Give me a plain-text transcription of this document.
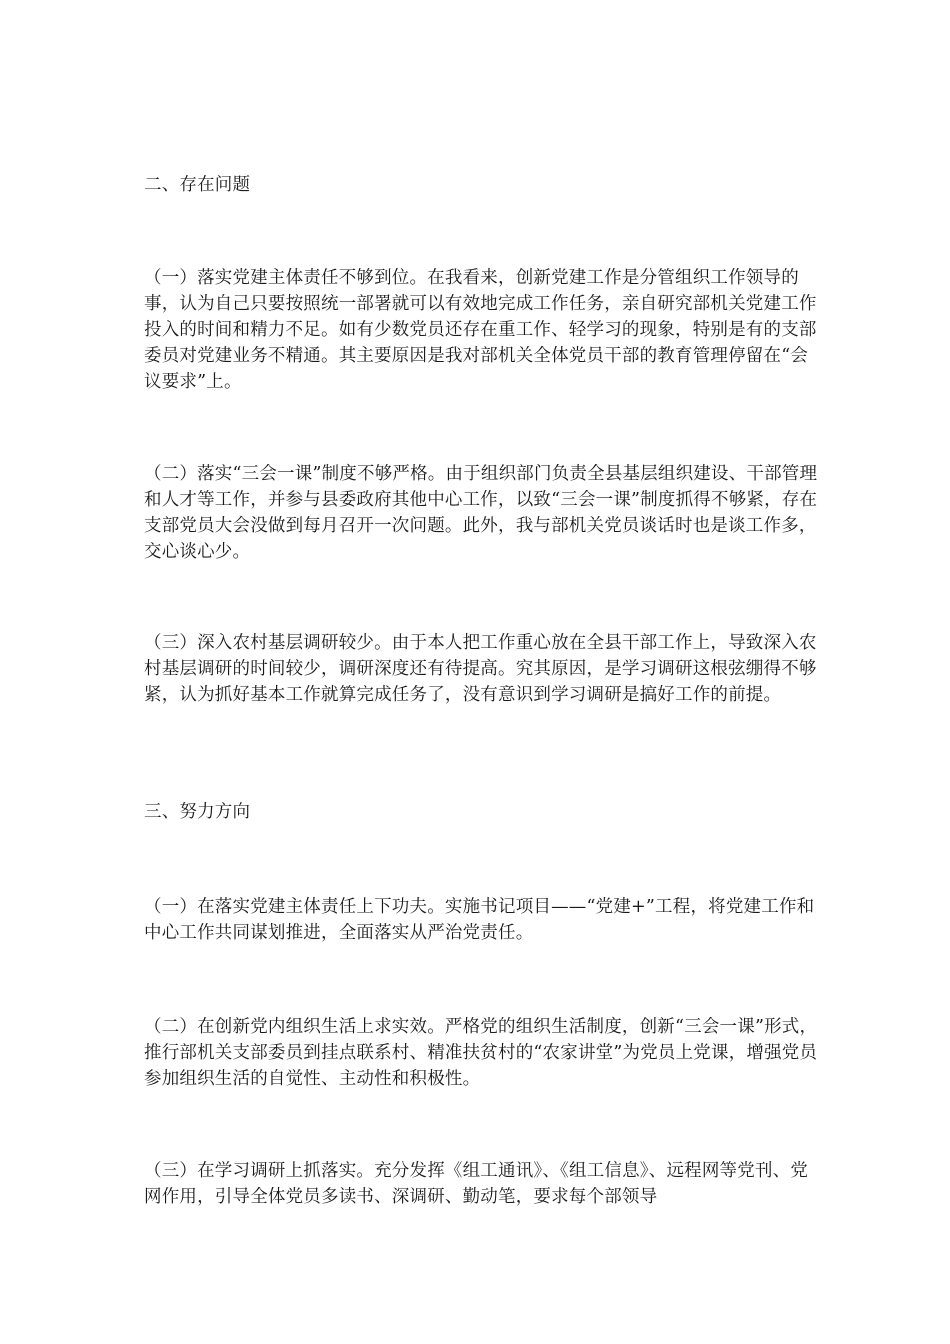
二、存在问题

（一）落实党建主体责任不够到位。在我看来，创新党建工作是分管组织工作领导的事，认为自己只要按照统一部署就可以有效地完成工作任务，亲自研究部机关党建工作投入的时间和精力不足。如有少数党员还存在重工作、轻学习的现象，特别是有的支部委员对党建业务不精通。其主要原因是我对部机关全体党员干部的教育管理停留在“会议要求”上。

（二）落实“三会一课”制度不够严格。由于组织部门负责全县基层组织建设、干部管理和人才等工作，并参与县委政府其他中心工作，以致“三会一课”制度抓得不够紧，存在支部党员大会没做到每月召开一次问题。此外，我与部机关党员谈话时也是谈工作多，交心谈心少。

（三）深入农村基层调研较少。由于本人把工作重心放在全县干部工作上，导致深入农村基层调研的时间较少，调研深度还有待提高。究其原因，是学习调研这根弦绷得不够紧，认为抓好基本工作就算完成任务了，没有意识到学习调研是搞好工作的前提。

三、努力方向

（一）在落实党建主体责任上下功夫。实施书记项目——“党建+”工程，将党建工作和中心工作共同谋划推进，全面落实从严治党责任。

（二）在创新党内组织生活上求实效。严格党的组织生活制度，创新“三会一课”形式，推行部机关支部委员到挂点联系村、精准扶贫村的“农家讲堂”为党员上党课，增强党员参加组织生活的自觉性、主动性和积极性。

（三）在学习调研上抓落实。充分发挥《组工通讯》、《组工信息》、远程网等党刊、党网作用，引导全体党员多读书、深调研、勤动笔，要求每个部领导
